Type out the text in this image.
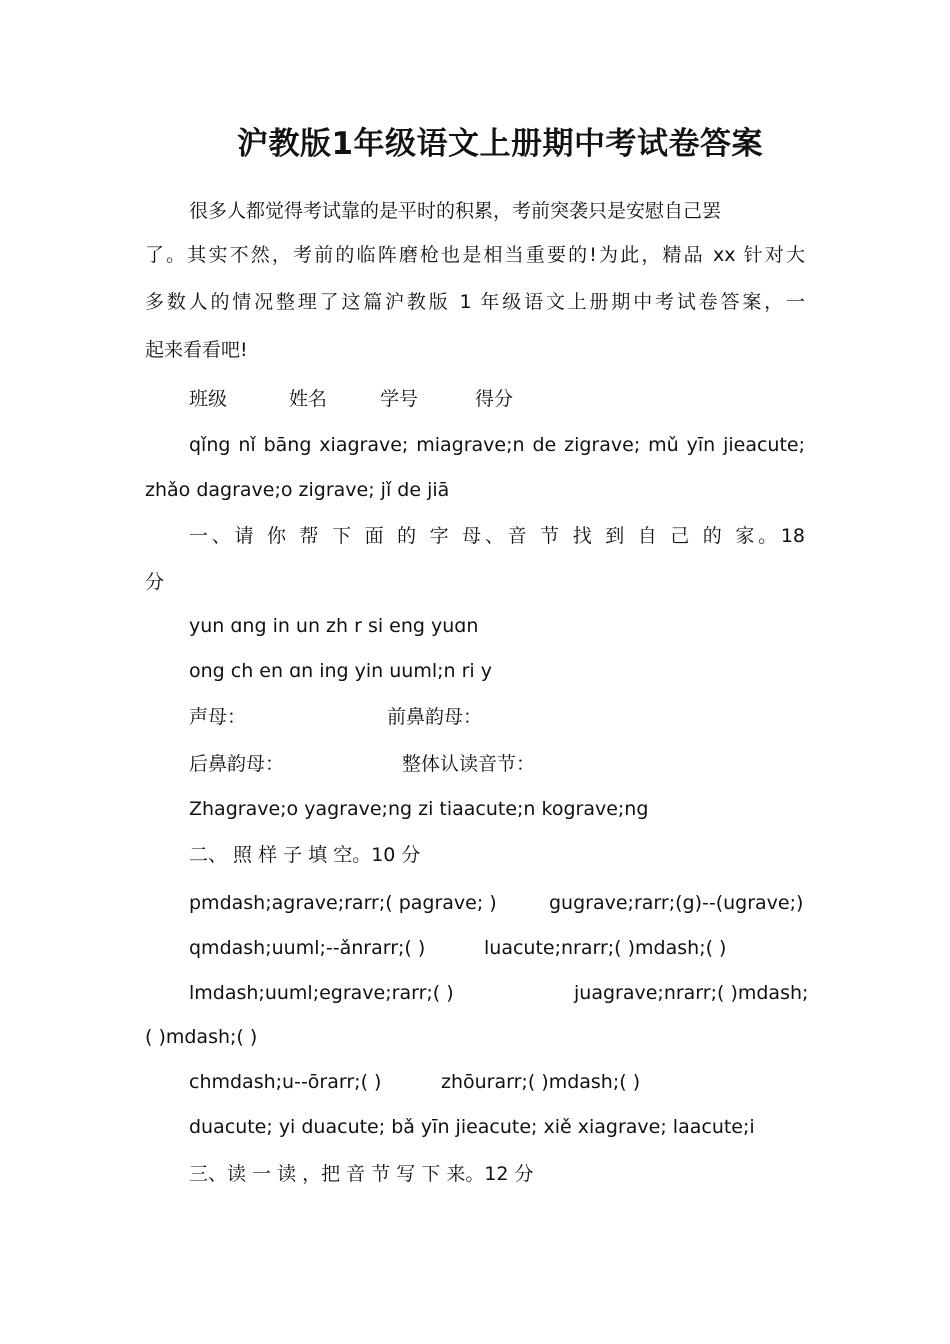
沪教版1年级语文上册期中考试卷答案

很多人都觉得考试靠的是平时的积累，考前突袭只是安慰自己罢

了。其实不然，考前的临阵磨枪也是相当重要的!为此，精品 xx 针对大

多数人的情况整理了这篇沪教版 1 年级语文上册期中考试卷答案，一

起来看看吧!

班级	姓名	学号	得分

qǐng nǐ bāng xiagrave; miagrave;n de zigrave; mǔ yīn jieacute;

zhǎo dagrave;o zigrave; jǐ de jiā

一、请 你 帮 下 面 的 字 母、音 节 找 到 自 己 的 家。18

分

yun ɑng in un zh r si eng yuɑn

ong ch en ɑn ing yin uuml;n ri y

声母：	前鼻韵母：
后鼻韵母：	整体认读音节：

Zhagrave;o yagrave;ng zi tiaacute;n kograve;ng

二、 照 样 子 填 空。10 分

pmdash;agrave;rarr;( pagrave; )	gugrave;rarr;(g)--(ugrave;)
qmdash;uuml;--ǎnrarr;( )	luacute;nrarr;( )mdash;( )
lmdash;uuml;egrave;rarr;( )	juagrave;nrarr;( )mdash;
( )mdash;( )
chmdash;u--ōrarr;( )	zhōurarr;( )mdash;( )

duacute; yi duacute; bǎ yīn jieacute; xiě xiagrave; laacute;i

三、读 一 读 ，把 音 节 写 下 来。12 分
